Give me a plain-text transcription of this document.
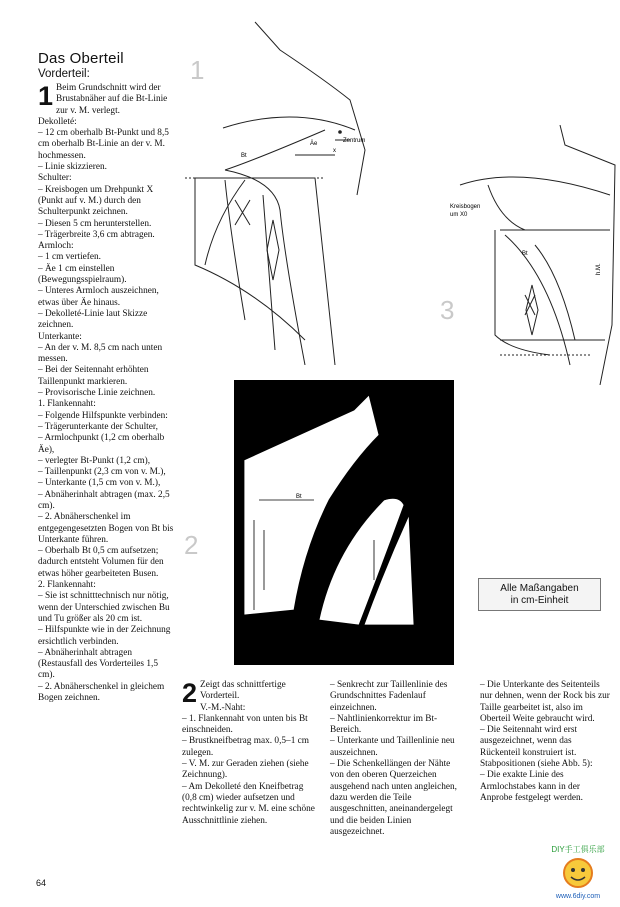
Das Oberteil
Vorderteil:

1 Beim Grundschnitt wird der Brustabnäher auf die Bt-Linie zur v. M. verlegt.

Dekolleté:

– 12 cm oberhalb Bt-Punkt und 8,5 cm oberhalb Bt-Linie an der v. M. hochmessen.

– Linie skizzieren.

Schulter:

– Kreisbogen um Drehpunkt X (Punkt auf v. M.) durch den Schulterpunkt zeichnen.

– Diesen 5 cm herunterstellen.

– Trägerbreite 3,6 cm abtragen.

Armloch:

– 1 cm vertiefen.

– Äe 1 cm einstellen (Bewegungsspielraum).

– Unteres Armloch auszeichnen, etwas über Äe hinaus.

– Dekolleté-Linie laut Skizze zeichnen.

Unterkante:

– An der v. M. 8,5 cm nach unten messen.

– Bei der Seitennaht erhöhten Taillenpunkt markieren.

– Provisorische Linie zeichnen.

1. Flankennaht:

– Folgende Hilfspunkte verbinden:

– Trägerunterkante der Schulter,

– Armlochpunkt (1,2 cm oberhalb Äe),

– verlegter Bt-Punkt (1,2 cm),

– Taillenpunkt (2,3 cm von v. M.),

– Unterkante (1,5 cm von v. M.),

– Abnäherinhalt abtragen (max. 2,5 cm).

– 2. Abnäherschenkel im entgegengesetzten Bogen von Bt bis Unterkante führen.

– Oberhalb Bt 0,5 cm aufsetzen; dadurch entsteht Volumen für den etwas höher gearbeiteten Busen.

2. Flankennaht:

– Sie ist schnitttechnisch nur nötig, wenn der Unterschied zwischen Bu und Tu größer als 20 cm ist.

– Hilfspunkte wie in der Zeichnung ersichtlich verbinden.

– Abnäherinhalt abtragen (Restausfall des Vorderteiles 1,5 cm).

– 2. Abnäherschenkel in gleichem Bogen zeichnen.

1
Zentrum
x
Äe
Bt
3
Kreisbogen
um X0
h.M.
Bt
2
Bt
Alle Maßangaben
in cm-Einheit

2 Zeigt das schnittfertige Vorderteil.

V.-M.-Naht:

– 1. Flankennaht von unten bis Bt einschneiden.

– Brustkneifbetrag max. 0,5–1 cm zulegen.

– V. M. zur Geraden ziehen (siehe Zeichnung).

– Am Dekolleté den Kneifbetrag (0,8 cm) wieder aufsetzen und rechtwinkelig zur v. M. eine schöne Ausschnittlinie ziehen.

– Senkrecht zur Taillenlinie des Grundschnittes Fadenlauf einzeichnen.

– Nahtlinienkorrektur im Bt-Bereich.

– Unterkante und Taillenlinie neu auszeichnen.

– Die Schenkellängen der Nähte von den oberen Querzeichen ausgehend nach unten angleichen, dazu werden die Teile ausgeschnitten, aneinandergelegt und die beiden Linien ausgezeichnet.

– Die Unterkante des Seitenteils nur dehnen, wenn der Rock bis zur Taille gearbeitet ist, also im Oberteil Weite gebraucht wird.

– Die Seitennaht wird erst ausgezeichnet, wenn das Rückenteil konstruiert ist.

Stabpositionen (siehe Abb. 5):

– Die exakte Linie des Armlochstabes kann in der Anprobe festgelegt werden.

64
DIY手工俱乐部
www.6diy.com
